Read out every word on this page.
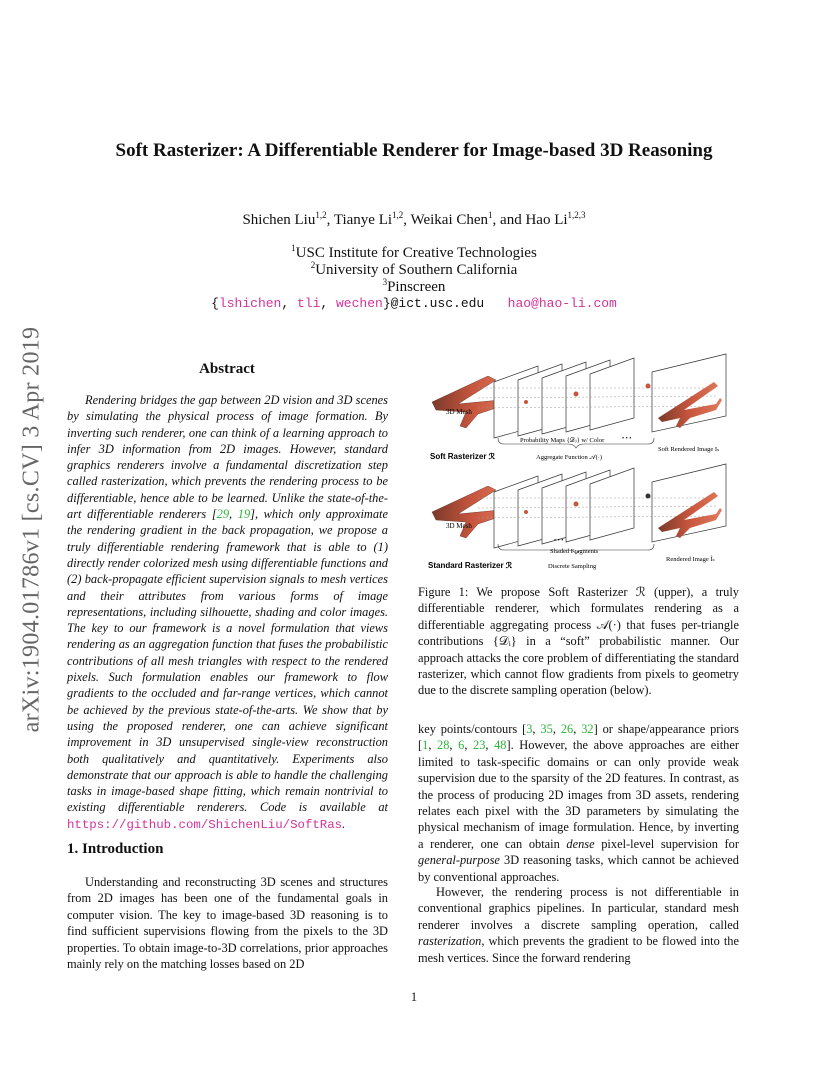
arXiv:1904.01786v1 [cs.CV] 3 Apr 2019
Soft Rasterizer: A Differentiable Renderer for Image-based 3D Reasoning
Shichen Liu$^{1,2}$, Tianye Li$^{1,2}$, Weikai Chen$^1$, and Hao Li$^{1,2,3}$
$^1$USC Institute for Creative Technologies
$^2$University of Southern California
$^3$Pinscreen
{lshichen, tli, wechen}@ict.usc.edu hao@hao-li.com
Abstract
Rendering bridges the gap between 2D vision and 3D scenes by simulating the physical process of image formation. By inverting such renderer, one can think of a learning approach to infer 3D information from 2D images. However, standard graphics renderers involve a fundamental discretization step called rasterization, which prevents the rendering process to be differentiable, hence able to be learned. Unlike the state-of-the-art differentiable renderers [29, 19], which only approximate the rendering gradient in the back propagation, we propose a truly differentiable rendering framework that is able to (1) directly render colorized mesh using differentiable functions and (2) back-propagate efficient supervision signals to mesh vertices and their attributes from various forms of image representations, including silhouette, shading and color images. The key to our framework is a novel formulation that views rendering as an aggregation function that fuses the probabilistic contributions of all mesh triangles with respect to the rendered pixels. Such formulation enables our framework to flow gradients to the occluded and far-range vertices, which cannot be achieved by the previous state-of-the-arts. We show that by using the proposed renderer, one can achieve significant improvement in 3D unsupervised single-view reconstruction both qualitatively and quantitatively. Experiments also demonstrate that our approach is able to handle the challenging tasks in image-based shape fitting, which remain nontrivial to existing differentiable renderers. Code is available at https://github.com/ShichenLiu/SoftRas.
1. Introduction
Understanding and reconstructing 3D scenes and structures from 2D images has been one of the fundamental goals in computer vision. The key to image-based 3D reasoning is to find sufficient supervisions flowing from the pixels to the 3D properties. To obtain image-to-3D correlations, prior approaches mainly rely on the matching losses based on 2D
3D Mesh
• • •
Probability Maps {𝒟ⱼ} w/ Color
Soft Rendered Image Iₛ
Soft Rasterizer ℛ	Aggregate Function 𝒜(·)
3D Mesh
• • •
Shaded Fragments
Rendered Image Ĩₛ
Standard Rasterizer ℛ	Discrete Sampling
Figure 1: We propose Soft Rasterizer ℛ (upper), a truly differentiable renderer, which formulates rendering as a differentiable aggregating process 𝒜(·) that fuses per-triangle contributions {𝒟ᵢ} in a “soft” probabilistic manner. Our approach attacks the core problem of differentiating the standard rasterizer, which cannot flow gradients from pixels to geometry due to the discrete sampling operation (below).
key points/contours [3, 35, 26, 32] or shape/appearance priors [1, 28, 6, 23, 48]. However, the above approaches are either limited to task-specific domains or can only provide weak supervision due to the sparsity of the 2D features. In contrast, as the process of producing 2D images from 3D assets, rendering relates each pixel with the 3D parameters by simulating the physical mechanism of image formulation. Hence, by inverting a renderer, one can obtain dense pixel-level supervision for general-purpose 3D reasoning tasks, which cannot be achieved by conventional approaches.
However, the rendering process is not differentiable in conventional graphics pipelines. In particular, standard mesh renderer involves a discrete sampling operation, called rasterization, which prevents the gradient to be flowed into the mesh vertices. Since the forward rendering
1
